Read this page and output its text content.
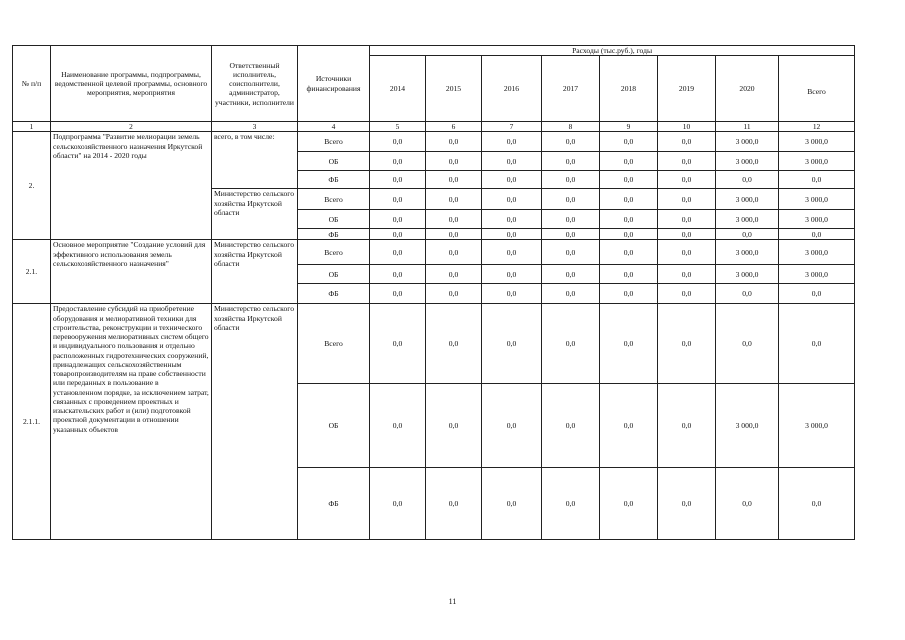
№ п/п	Наименование программы, подпрограммы, ведомственной целевой программы, основного мероприятия, мероприятия	Ответственный исполнитель, соисполнители, администратор, участники, исполнители	Источники финансирования	Расходы (тыс.руб.), годы							
				2014	2015	2016	2017	2018	2019	2020	Всего
1	2	3	4	5	6	7	8	9	10	11	12
2.	Подпрограмма "Развитие мелиорации земель сельскохозяйственного назначения Иркутской области" на 2014 - 2020 годы	всего, в том числе:	Всего	0,0	0,0	0,0	0,0	0,0	0,0	3 000,0	3 000,0
			ОБ	0,0	0,0	0,0	0,0	0,0	0,0	3 000,0	3 000,0
			ФБ	0,0	0,0	0,0	0,0	0,0	0,0	0,0	0,0
		Министерство сельского хозяйства Иркутской области	Всего	0,0	0,0	0,0	0,0	0,0	0,0	3 000,0	3 000,0
			ОБ	0,0	0,0	0,0	0,0	0,0	0,0	3 000,0	3 000,0
			ФБ	0,0	0,0	0,0	0,0	0,0	0,0	0,0	0,0
2.1.	Основное мероприятие "Создание условий для эффективного использования земель сельскохозяйственного назначения"	Министерство сельского хозяйства Иркутской области	Всего	0,0	0,0	0,0	0,0	0,0	0,0	3 000,0	3 000,0
			ОБ	0,0	0,0	0,0	0,0	0,0	0,0	3 000,0	3 000,0
			ФБ	0,0	0,0	0,0	0,0	0,0	0,0	0,0	0,0
2.1.1.	Предоставление субсидий на приобретение оборудования и мелиоративной техники для строительства, реконструкции и технического перевооружения мелиоративных систем общего и индивидуального пользования и отдельно расположенных гидротехнических сооружений, принадлежащих сельскохозяйственным товаропроизводителям на праве собственности или переданных в пользование в установленном порядке, за исключением затрат, связанных с проведением проектных и изыскательских работ и (или) подготовкой проектной документации в отношении указанных объектов	Министерство сельского хозяйства Иркутской области	Всего	0,0	0,0	0,0	0,0	0,0	0,0	0,0	0,0
			ОБ	0,0	0,0	0,0	0,0	0,0	0,0	3 000,0	3 000,0
			ФБ	0,0	0,0	0,0	0,0	0,0	0,0	0,0	0,0
11
